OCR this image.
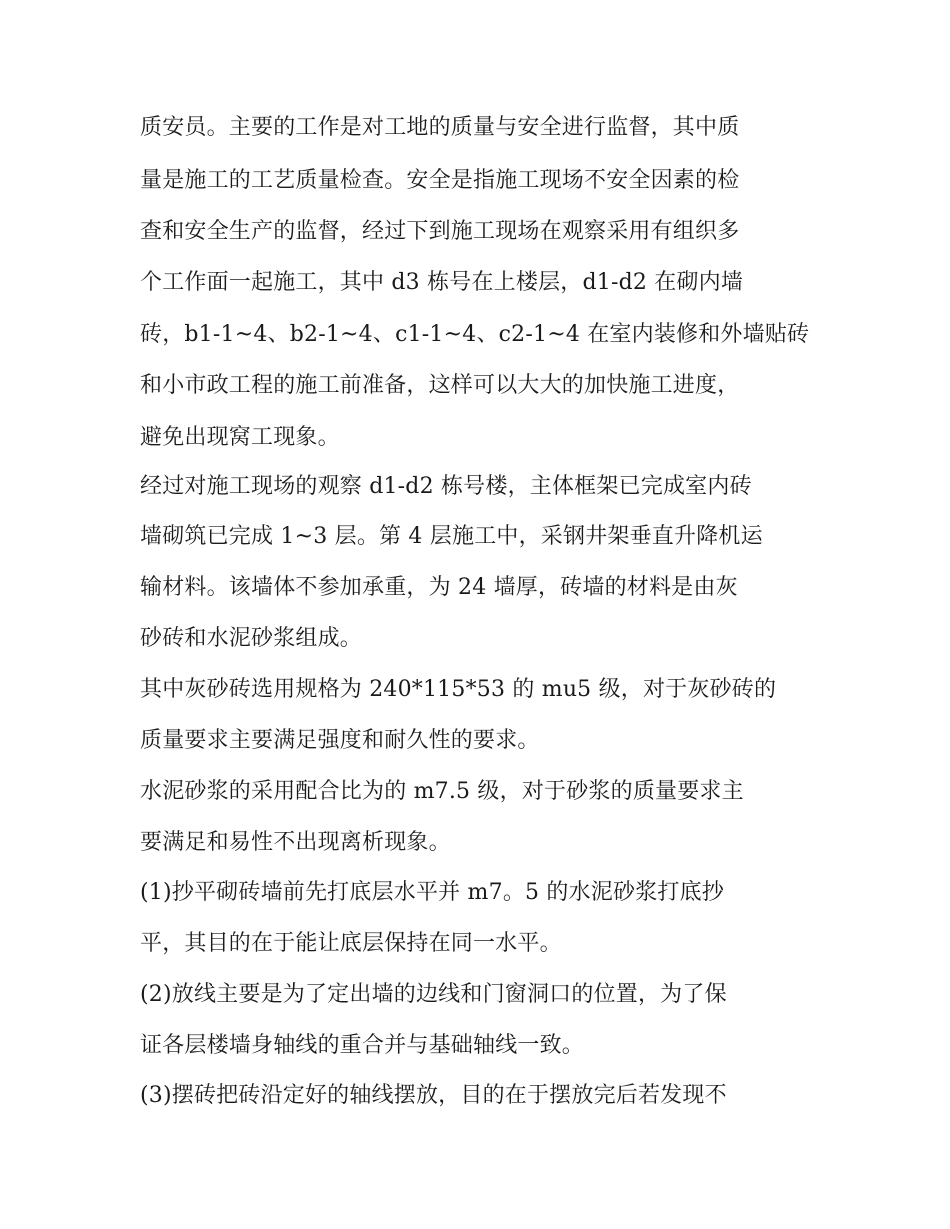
质安员。主要的工作是对工地的质量与安全进行监督，其中质
量是施工的工艺质量检查。安全是指施工现场不安全因素的检
查和安全生产的监督，经过下到施工现场在观察采用有组织多
个工作面一起施工，其中 d3 栋号在上楼层，d1-d2 在砌内墙
砖，b1-1~4、b2-1~4、c1-1~4、c2-1~4 在室内装修和外墙贴砖
和小市政工程的施工前准备，这样可以大大的加快施工进度，
避免出现窝工现象。
经过对施工现场的观察 d1-d2 栋号楼，主体框架已完成室内砖
墙砌筑已完成 1~3 层。第 4 层施工中，采钢井架垂直升降机运
输材料。该墙体不参加承重，为 24 墙厚，砖墙的材料是由灰
砂砖和水泥砂浆组成。
其中灰砂砖选用规格为 240*115*53 的 mu5 级，对于灰砂砖的
质量要求主要满足强度和耐久性的要求。
水泥砂浆的采用配合比为的 m7.5 级，对于砂浆的质量要求主
要满足和易性不出现离析现象。
(1)抄平砌砖墙前先打底层水平并 m7。5 的水泥砂浆打底抄
平，其目的在于能让底层保持在同一水平。
(2)放线主要是为了定出墙的边线和门窗洞口的位置，为了保
证各层楼墙身轴线的重合并与基础轴线一致。
(3)摆砖把砖沿定好的轴线摆放，目的在于摆放完后若发现不
